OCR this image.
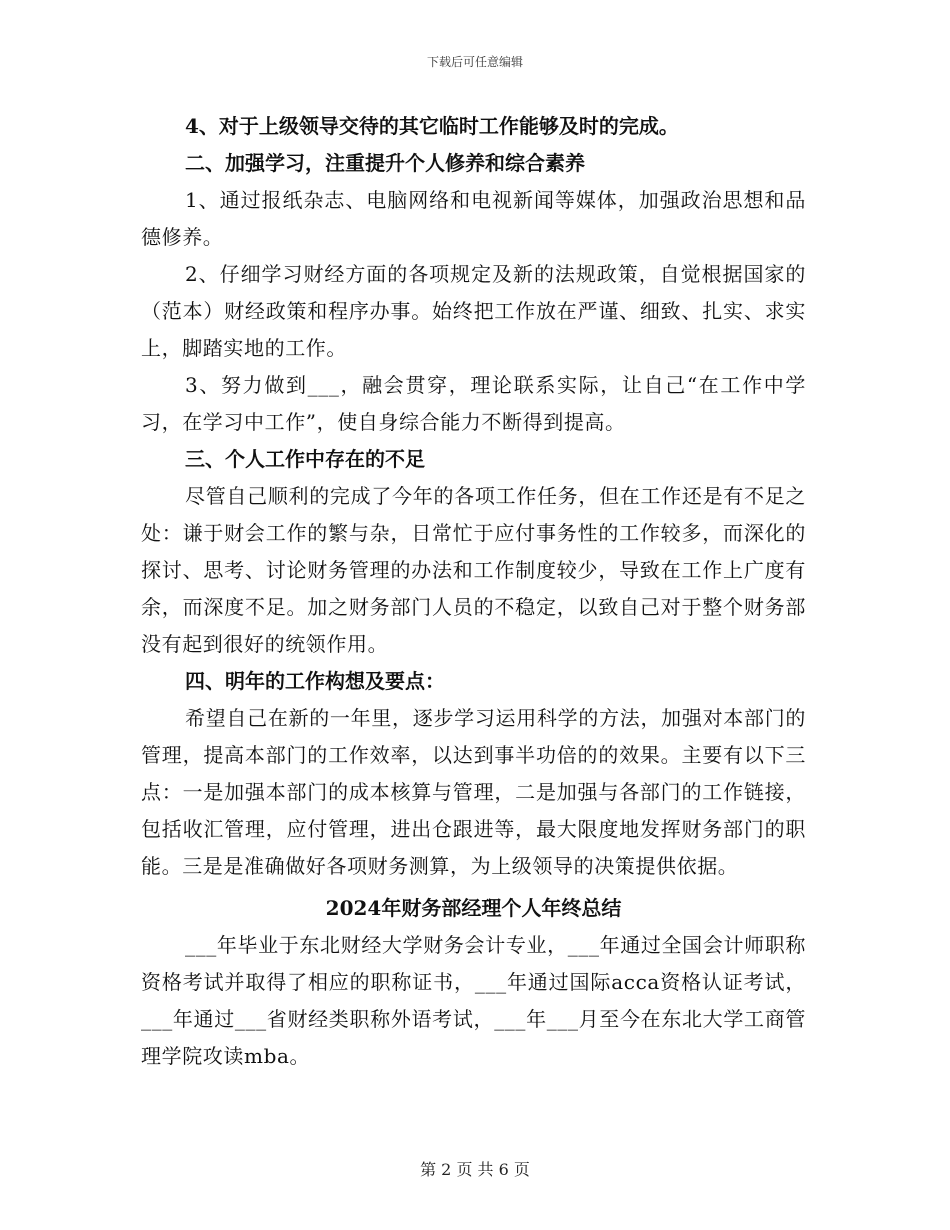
下载后可任意编辑

4、对于上级领导交待的其它临时工作能够及时的完成。

二、加强学习，注重提升个人修养和综合素养

1、通过报纸杂志、电脑网络和电视新闻等媒体，加强政治思想和品德修养。

2、仔细学习财经方面的各项规定及新的法规政策，自觉根据国家的（范本）财经政策和程序办事。始终把工作放在严谨、细致、扎实、求实上，脚踏实地的工作。

3、努力做到___，融会贯穿，理论联系实际，让自己“在工作中学习，在学习中工作”，使自身综合能力不断得到提高。

三、个人工作中存在的不足

尽管自己顺利的完成了今年的各项工作任务，但在工作还是有不足之处：谦于财会工作的繁与杂，日常忙于应付事务性的工作较多，而深化的探讨、思考、讨论财务管理的办法和工作制度较少，导致在工作上广度有余，而深度不足。加之财务部门人员的不稳定，以致自己对于整个财务部没有起到很好的统领作用。

四、明年的工作构想及要点：

希望自己在新的一年里，逐步学习运用科学的方法，加强对本部门的管理，提高本部门的工作效率，以达到事半功倍的的效果。主要有以下三点：一是加强本部门的成本核算与管理，二是加强与各部门的工作链接，包括收汇管理，应付管理，进出仓跟进等，最大限度地发挥财务部门的职能。三是是准确做好各项财务测算，为上级领导的决策提供依据。

2024年财务部经理个人年终总结

___年毕业于东北财经大学财务会计专业，___年通过全国会计师职称资格考试并取得了相应的职称证书，___年通过国际acca资格认证考试，___年通过___省财经类职称外语考试，___年___月至今在东北大学工商管理学院攻读mba。

第 2 页 共 6 页
